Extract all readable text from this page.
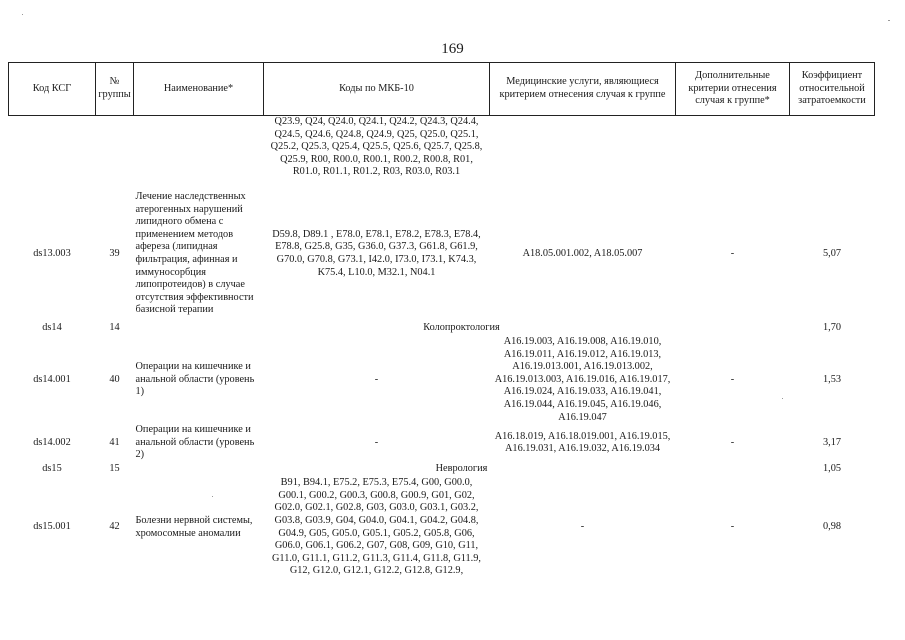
169
Код КСГ	№ группы	Наименование*	Коды по МКБ-10	Медицинские услуги, являющиеся критерием отнесения случая к группе	Дополнительные критерии отнесения случая к группе*	Коэффициент относительной затратоемкости
			Q23.9, Q24, Q24.0, Q24.1, Q24.2, Q24.3, Q24.4, Q24.5, Q24.6, Q24.8, Q24.9, Q25, Q25.0, Q25.1, Q25.2, Q25.3, Q25.4, Q25.5, Q25.6, Q25.7, Q25.8, Q25.9, R00, R00.0, R00.1, R00.2, R00.8, R01, R01.0, R01.1, R01.2, R03, R03.0, R03.1			

ds13.003	39	Лечение наследственных атерогенных нарушений липидного обмена с применением методов афереза (липидная фильтрация, афинная и иммуносорбция липопротеидов) в случае отсутствия эффективности базисной терапии	D59.8, D89.1 , E78.0, E78.1, E78.2, E78.3, E78.4, E78.8, G25.8, G35, G36.0, G37.3, G61.8, G61.9, G70.0, G70.8, G73.1, I42.0, I73.0, I73.1, K74.3, K75.4, L10.0, M32.1, N04.1	A18.05.001.002, A18.05.007	-	5,07
ds14	14	Колопроктология				1,70
ds14.001	40	Операции на кишечнике и анальной области (уровень 1)	-	A16.19.003, A16.19.008, A16.19.010, A16.19.011, A16.19.012, A16.19.013, A16.19.013.001, A16.19.013.002, A16.19.013.003, A16.19.016, A16.19.017, A16.19.024, A16.19.033, A16.19.041, A16.19.044, A16.19.045, A16.19.046, A16.19.047	-	1,53
ds14.002	41	Операции на кишечнике и анальной области (уровень 2)	-	A16.18.019, A16.18.019.001, A16.19.015, A16.19.031, A16.19.032, A16.19.034	-	3,17
ds15	15	Неврология				1,05
ds15.001	42	Болезни нервной системы, хромосомные аномалии	B91, B94.1, E75.2, E75.3, E75.4, G00, G00.0, G00.1, G00.2, G00.3, G00.8, G00.9, G01, G02, G02.0, G02.1, G02.8, G03, G03.0, G03.1, G03.2, G03.8, G03.9, G04, G04.0, G04.1, G04.2, G04.8, G04.9, G05, G05.0, G05.1, G05.2, G05.8, G06, G06.0, G06.1, G06.2, G07, G08, G09, G10, G11, G11.0, G11.1, G11.2, G11.3, G11.4, G11.8, G11.9, G12, G12.0, G12.1, G12.2, G12.8, G12.9,	-	-	0,98
